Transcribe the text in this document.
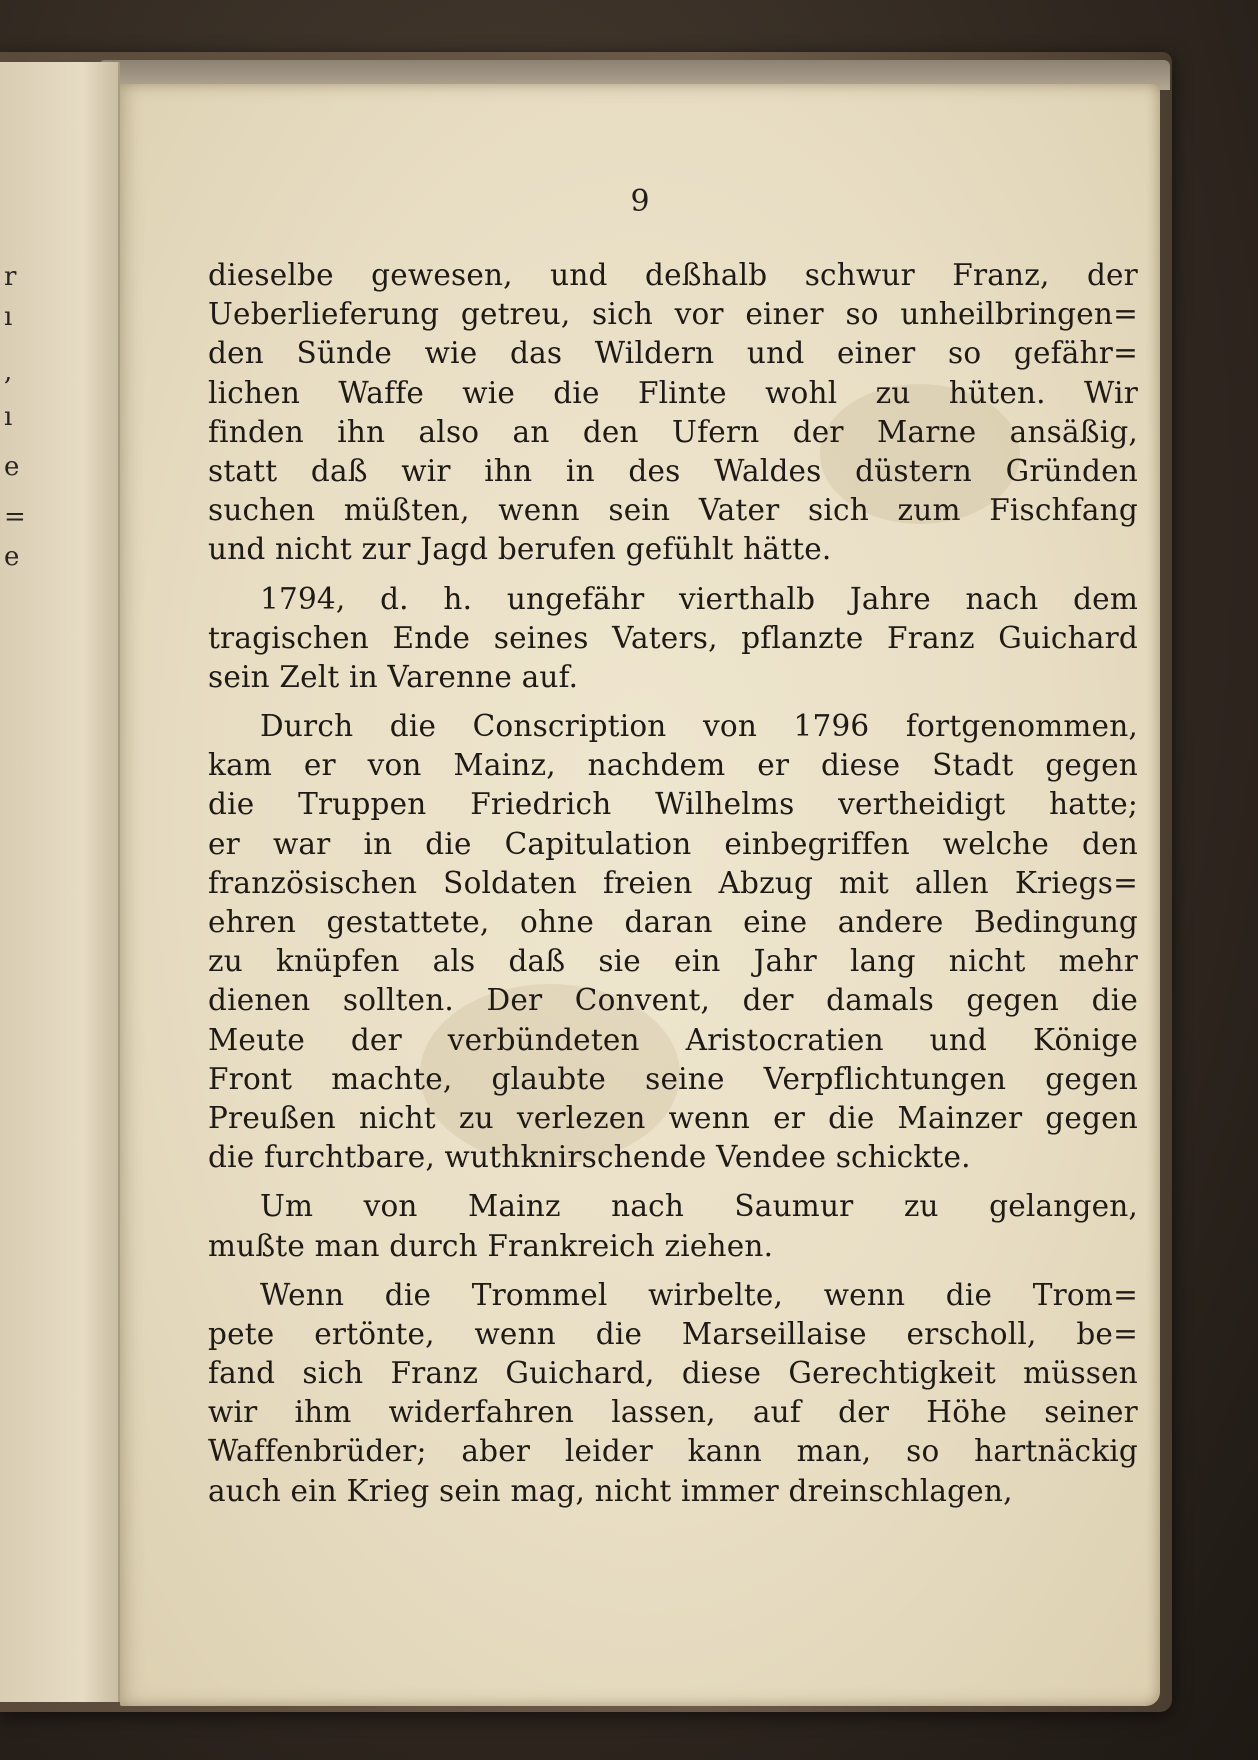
r
ı
,
ı
e
=
e
9
dieselbe gewesen, und deßhalb schwur Franz, der
Ueberlieferung getreu, sich vor einer so unheilbringen=
den Sünde wie das Wildern und einer so gefähr=
lichen Waffe wie die Flinte wohl zu hüten. Wir
finden ihn also an den Ufern der Marne ansäßig,
statt daß wir ihn in des Waldes düstern Gründen
suchen müßten, wenn sein Vater sich zum Fischfang
und nicht zur Jagd berufen gefühlt hätte.
1794, d. h. ungefähr vierthalb Jahre nach dem
tragischen Ende seines Vaters, pflanzte Franz Guichard
sein Zelt in Varenne auf.
Durch die Conscription von 1796 fortgenommen,
kam er von Mainz, nachdem er diese Stadt gegen
die Truppen Friedrich Wilhelms vertheidigt hatte;
er war in die Capitulation einbegriffen welche den
französischen Soldaten freien Abzug mit allen Kriegs=
ehren gestattete, ohne daran eine andere Bedingung
zu knüpfen als daß sie ein Jahr lang nicht mehr
dienen sollten. Der Convent, der damals gegen die
Meute der verbündeten Aristocratien und Könige
Front machte, glaubte seine Verpflichtungen gegen
Preußen nicht zu verlezen wenn er die Mainzer gegen
die furchtbare, wuthknirschende Vendee schickte.
Um von Mainz nach Saumur zu gelangen,
mußte man durch Frankreich ziehen.
Wenn die Trommel wirbelte, wenn die Trom=
pete ertönte, wenn die Marseillaise erscholl, be=
fand sich Franz Guichard, diese Gerechtigkeit müssen
wir ihm widerfahren lassen, auf der Höhe seiner
Waffenbrüder; aber leider kann man, so hartnäckig
auch ein Krieg sein mag, nicht immer dreinschlagen,
